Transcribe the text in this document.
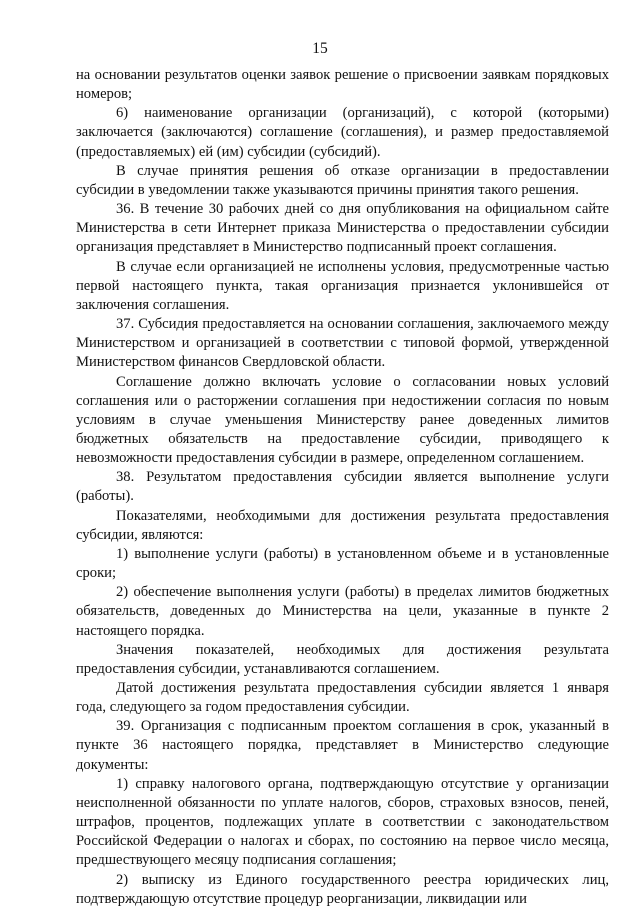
15

на основании результатов оценки заявок решение о присвоении заявкам порядковых номеров;

6) наименование организации (организаций), с которой (которыми) заключается (заключаются) соглашение (соглашения), и размер предоставляемой (предоставляемых) ей (им) субсидии (субсидий).

В случае принятия решения об отказе организации в предоставлении субсидии в уведомлении также указываются причины принятия такого решения.

36. В течение 30 рабочих дней со дня опубликования на официальном сайте Министерства в сети Интернет приказа Министерства о предоставлении субсидии организация представляет в Министерство подписанный проект соглашения.

В случае если организацией не исполнены условия, предусмотренные частью первой настоящего пункта, такая организация признается уклонившейся от заключения соглашения.

37. Субсидия предоставляется на основании соглашения, заключаемого между Министерством и организацией в соответствии с типовой формой, утвержденной Министерством финансов Свердловской области.

Соглашение должно включать условие о согласовании новых условий соглашения или о расторжении соглашения при недостижении согласия по новым условиям в случае уменьшения Министерству ранее доведенных лимитов бюджетных обязательств на предоставление субсидии, приводящего к невозможности предоставления субсидии в размере, определенном соглашением.

38. Результатом предоставления субсидии является выполнение услуги (работы).

Показателями, необходимыми для достижения результата предоставления субсидии, являются:

1) выполнение услуги (работы) в установленном объеме и в установленные сроки;

2) обеспечение выполнения услуги (работы) в пределах лимитов бюджетных обязательств, доведенных до Министерства на цели, указанные в пункте 2 настоящего порядка.

Значения показателей, необходимых для достижения результата предоставления субсидии, устанавливаются соглашением.

Датой достижения результата предоставления субсидии является 1 января года, следующего за годом предоставления субсидии.

39. Организация с подписанным проектом соглашения в срок, указанный в пункте 36 настоящего порядка, представляет в Министерство следующие документы:

1) справку налогового органа, подтверждающую отсутствие у организации неисполненной обязанности по уплате налогов, сборов, страховых взносов, пеней, штрафов, процентов, подлежащих уплате в соответствии с законодательством Российской Федерации о налогах и сборах, по состоянию на первое число месяца, предшествующего месяцу подписания соглашения;

2) выписку из Единого государственного реестра юридических лиц, подтверждающую отсутствие процедур реорганизации, ликвидации или
